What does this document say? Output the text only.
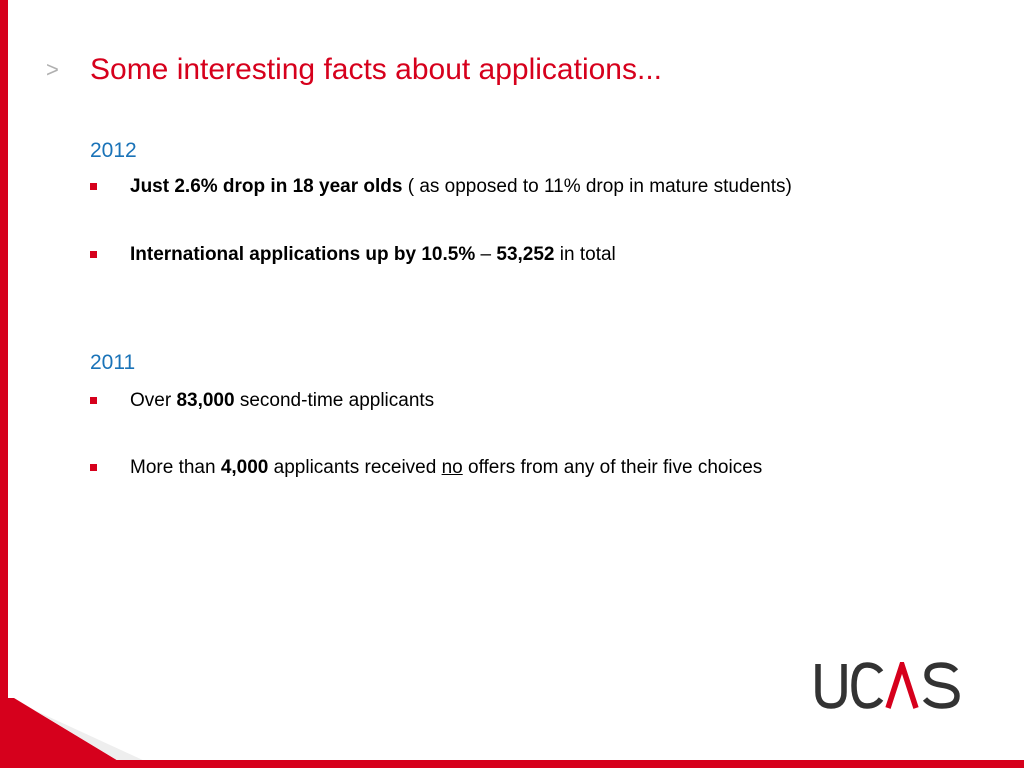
>	Some interesting facts about applications...
2012
Just 2.6% drop in 18 year olds ( as opposed to 11% drop in mature students)
International applications up by 10.5% – 53,252 in total
2011
Over 83,000 second-time applicants
More than 4,000 applicants received no offers from any of their five choices
